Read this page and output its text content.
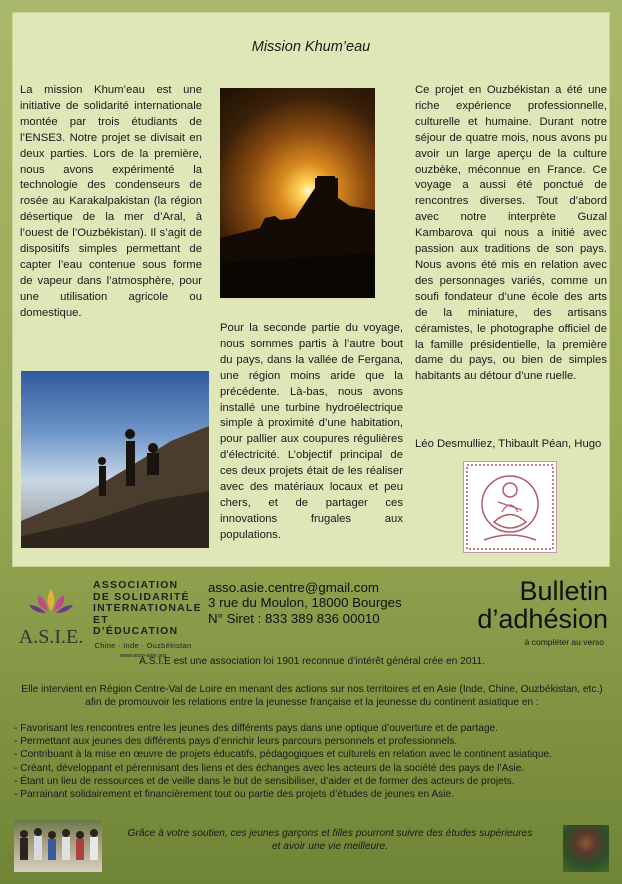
Mission Khum’eau

La mission Khum’eau est une initiative de solidarité internationale montée par trois étudiants de l’ENSE3. Notre projet se divisait en deux parties. Lors de la première, nous avons expérimenté la technologie des condenseurs de rosée au Karakalpakistan (la région désertique de la mer d’Aral, à l’ouest de l’Ouzbékistan). Il s’agit de dispositifs simples permettant de capter l’eau contenue sous forme de vapeur dans l’atmosphère, pour une utilisation agricole ou domestique.

Pour la seconde partie du voyage, nous sommes partis à l’autre bout du pays, dans la vallée de Fergana, une région moins aride que la précédente. Là-bas, nous avons installé une turbine hydroélectrique simple à proximité d’une habitation, pour pallier aux coupures régulières d’électricité. L’objectif principal de ces deux projets était de les réaliser avec des matériaux locaux et peu chers, et de partager ces innovations frugales aux populations.

Ce projet en Ouzbékistan a été une riche expérience professionnelle, culturelle et humaine. Durant notre séjour de quatre mois, nous avons pu avoir un large aperçu de la culture ouzbèke, méconnue en France. Ce voyage a aussi été ponctué de rencontres diverses. Tout d’abord avec notre interprète Guzal Kambarova qui nous a initié avec passion aux traditions de son pays. Nous avons été mis en relation avec des personnages variés, comme un soufi fondateur d’une école des arts de la miniature, des artisans céramistes, le photographe officiel de la famille présidentielle, la première dame du pays, ou bien de simples habitants au détour d’une ruelle.

Léo Desmulliez, Thibault Péan, Hugo

A.S.I.E.
ASSOCIATION
DE SOLIDARITÉ
INTERNATIONALE
ET D’ÉDUCATION
Chine · Inde · Ouzbékistan
www.asso-asie.org
asso.asie.centre@gmail.com
3 rue du Moulon, 18000 Bourges
N° Siret : 833 389 836 00010
Bulletin
d’adhésion
à compléter au verso

A.S.I.E est une association loi 1901 reconnue d’intérêt général crée en 2011.

Elle intervient en Région Centre-Val de Loire en menant des actions sur nos territoires et en Asie (Inde, Chine, Ouzbékistan, etc.) afin de promouvoir les relations entre la jeunesse française et la jeunesse du continent asiatique en :

- Favorisant les rencontres entre les jeunes des différents pays dans une optique d’ouverture et de partage.
- Permettant aux jeunes des différents pays d’enrichir leurs parcours personnels et professionnels.
- Contribuant à la mise en œuvre de projets éducatifs, pédagogiques et culturels en relation avec le continent asiatique.
- Créant, développant et pérennisant des liens et des échanges avec les acteurs de la société des pays de l’Asie.
- Étant un lieu de ressources et de veille dans le but de sensibiliser, d’aider et de former des acteurs de projets.
- Parrainant solidairement et financièrement tout ou partie des projets d’études de jeunes en Asie.
Grâce à votre soutien, ces jeunes garçons et filles pourront suivre des études supérieures
et avoir une vie meilleure.
